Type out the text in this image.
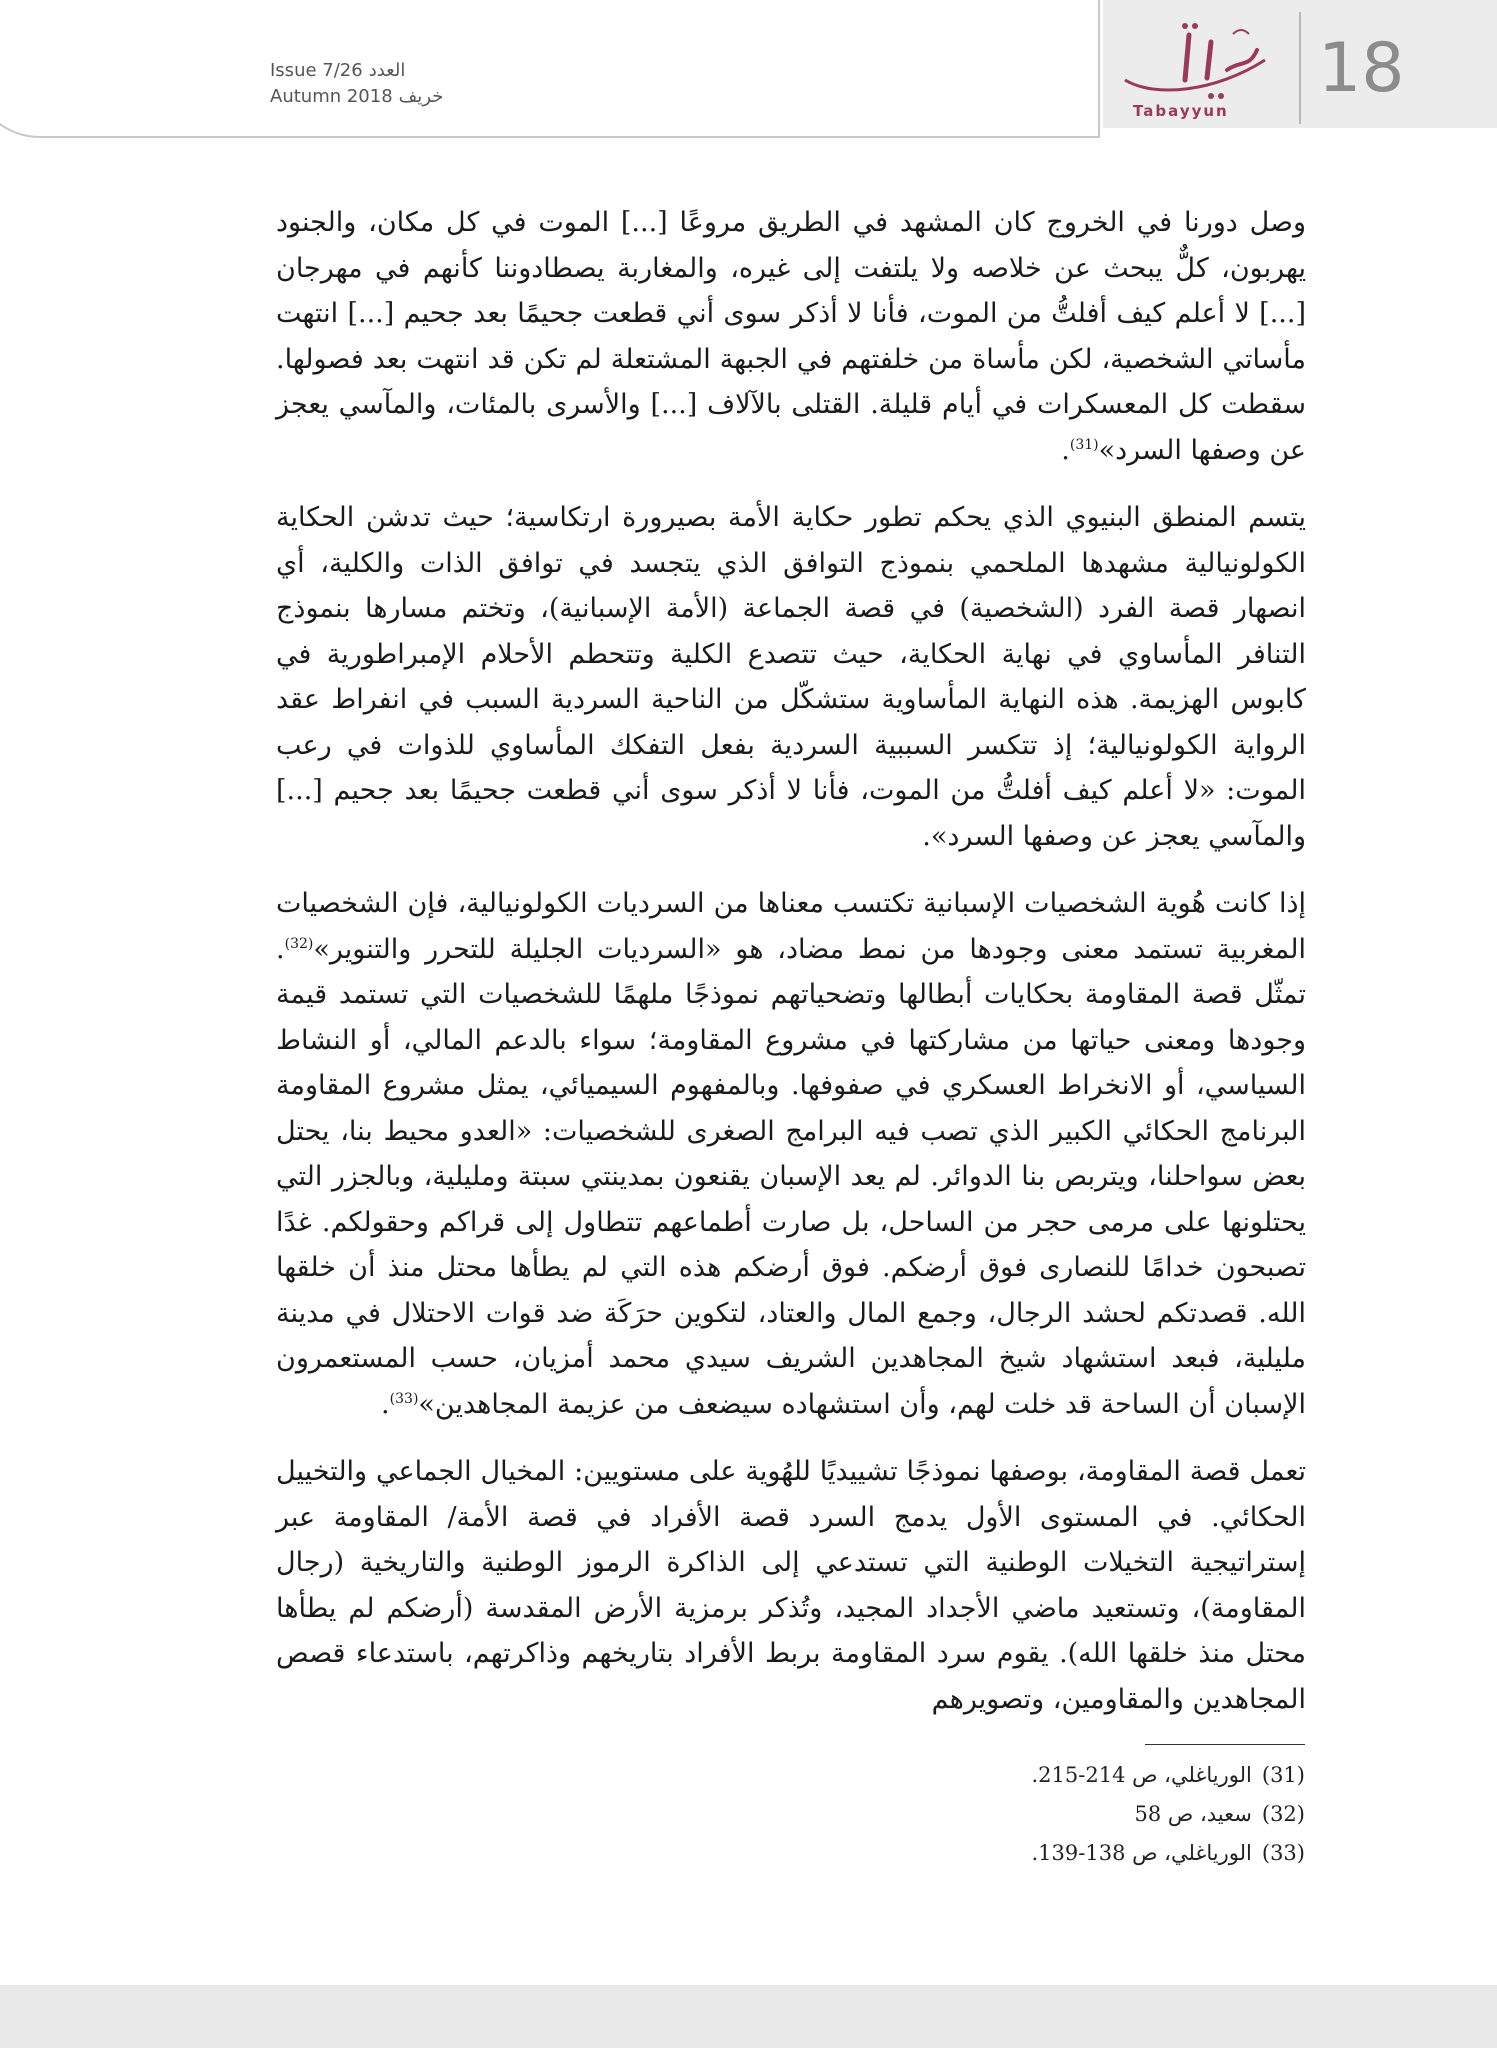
Issue 7/26 العدد
Autumn 2018 خريف
Tabayyun
18

وصل دورنا في الخروج كان المشهد في الطريق مروعًا [...] الموت في كل مكان، والجنود يهربون، كلٌّ يبحث عن خلاصه ولا يلتفت إلى غيره، والمغاربة يصطادوننا كأنهم في مهرجان [...] لا أعلم كيف أفلتُّ من الموت، فأنا لا أذكر سوى أني قطعت جحيمًا بعد جحيم [...] انتهت مأساتي الشخصية، لكن مأساة من خلفتهم في الجبهة المشتعلة لم تكن قد انتهت بعد فصولها. سقطت كل المعسكرات في أيام قليلة. القتلى بالآلاف [...] والأسرى بالمئات، والمآسي يعجز عن وصفها السرد»$^{(31)}$.

يتسم المنطق البنيوي الذي يحكم تطور حكاية الأمة بصيرورة ارتكاسية؛ حيث تدشن الحكاية الكولونيالية مشهدها الملحمي بنموذج التوافق الذي يتجسد في توافق الذات والكلية، أي انصهار قصة الفرد (الشخصية) في قصة الجماعة (الأمة الإسبانية)، وتختم مسارها بنموذج التنافر المأساوي في نهاية الحكاية، حيث تتصدع الكلية وتتحطم الأحلام الإمبراطورية في كابوس الهزيمة. هذه النهاية المأساوية ستشكّل من الناحية السردية السبب في انفراط عقد الرواية الكولونيالية؛ إذ تتكسر السببية السردية بفعل التفكك المأساوي للذوات في رعب الموت: «لا أعلم كيف أفلتُّ من الموت، فأنا لا أذكر سوى أني قطعت جحيمًا بعد جحيم [...] والمآسي يعجز عن وصفها السرد».

إذا كانت هُوية الشخصيات الإسبانية تكتسب معناها من السرديات الكولونيالية، فإن الشخصيات المغربية تستمد معنى وجودها من نمط مضاد، هو «السرديات الجليلة للتحرر والتنوير»$^{(32)}$. تمثّل قصة المقاومة بحكايات أبطالها وتضحياتهم نموذجًا ملهمًا للشخصيات التي تستمد قيمة وجودها ومعنى حياتها من مشاركتها في مشروع المقاومة؛ سواء بالدعم المالي، أو النشاط السياسي، أو الانخراط العسكري في صفوفها. وبالمفهوم السيميائي، يمثل مشروع المقاومة البرنامج الحكائي الكبير الذي تصب فيه البرامج الصغرى للشخصيات: «العدو محيط بنا، يحتل بعض سواحلنا، ويتربص بنا الدوائر. لم يعد الإسبان يقنعون بمدينتي سبتة ومليلية، وبالجزر التي يحتلونها على مرمى حجر من الساحل، بل صارت أطماعهم تتطاول إلى قراكم وحقولكم. غدًا تصبحون خدامًا للنصارى فوق أرضكم. فوق أرضكم هذه التي لم يطأها محتل منذ أن خلقها الله. قصدتكم لحشد الرجال، وجمع المال والعتاد، لتكوين حرَكَة ضد قوات الاحتلال في مدينة مليلية، فبعد استشهاد شيخ المجاهدين الشريف سيدي محمد أمزيان، حسب المستعمرون الإسبان أن الساحة قد خلت لهم، وأن استشهاده سيضعف من عزيمة المجاهدين»$^{(33)}$.

تعمل قصة المقاومة، بوصفها نموذجًا تشييديًا للهُوية على مستويين: المخيال الجماعي والتخييل الحكائي. في المستوى الأول يدمج السرد قصة الأفراد في قصة الأمة/ المقاومة عبر إستراتيجية التخيلات الوطنية التي تستدعي إلى الذاكرة الرموز الوطنية والتاريخية (رجال المقاومة)، وتستعيد ماضي الأجداد المجيد، وتُذكر برمزية الأرض المقدسة (أرضكم لم يطأها محتل منذ خلقها الله). يقوم سرد المقاومة بربط الأفراد بتاريخهم وذاكرتهم، باستدعاء قصص المجاهدين والمقاومين، وتصويرهم

(31)
الورياغلي، ص 214-215.
(32)
سعيد، ص 58
(33)
الورياغلي، ص 138-139.
